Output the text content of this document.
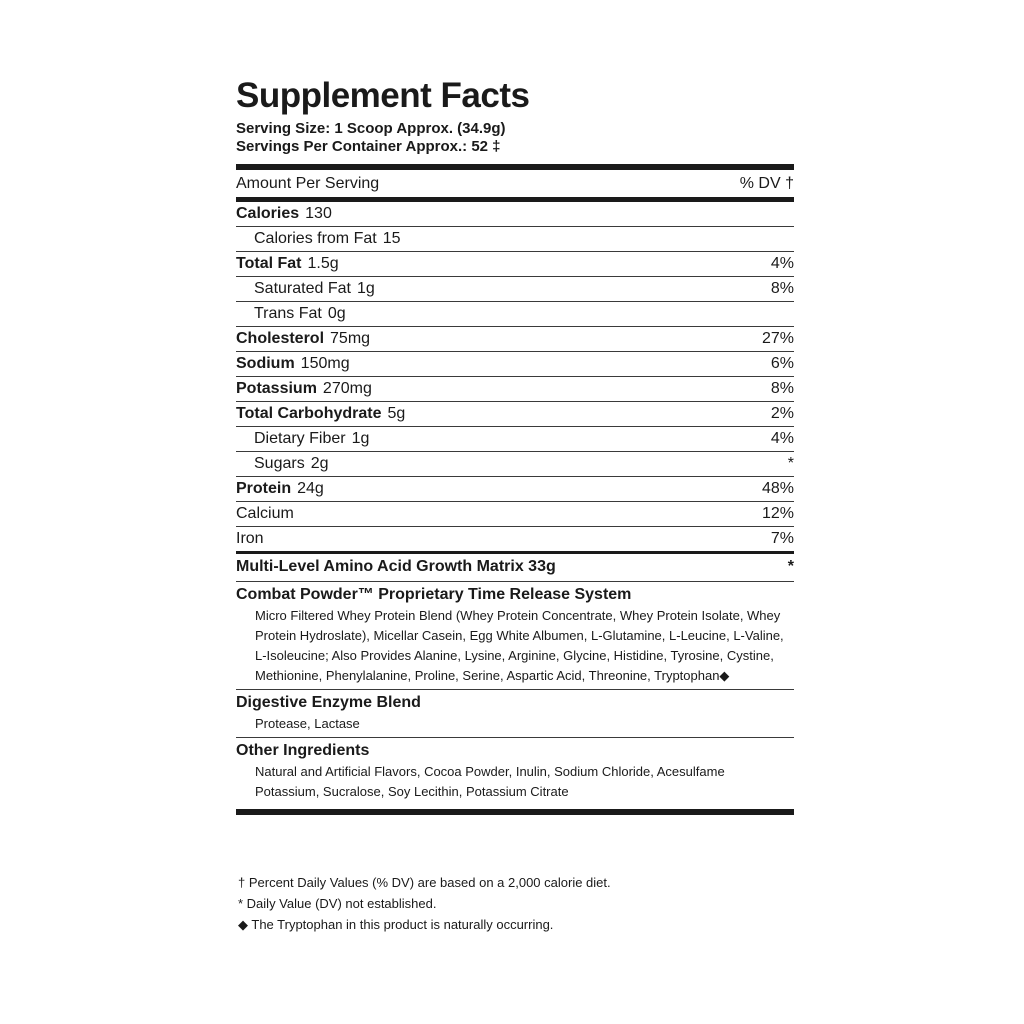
Supplement Facts
Serving Size: 1 Scoop Approx. (34.9g)
Servings Per Container Approx.: 52 ‡
Amount Per Serving	% DV †
Calories 130
Calories from Fat 15
Total Fat 1.5g	4%
Saturated Fat 1g	8%
Trans Fat 0g
Cholesterol 75mg	27%
Sodium 150mg	6%
Potassium 270mg	8%
Total Carbohydrate 5g	2%
Dietary Fiber 1g	4%
Sugars 2g	*
Protein 24g	48%
Calcium	12%
Iron	7%
Multi-Level Amino Acid Growth Matrix 33g	*
Combat Powder™ Proprietary Time Release System
Micro Filtered Whey Protein Blend (Whey Protein Concentrate, Whey Protein Isolate, Whey Protein Hydroslate), Micellar Casein, Egg White Albumen, L-Glutamine, L-Leucine, L-Valine, L-Isoleucine; Also Provides Alanine, Lysine, Arginine, Glycine, Histidine, Tyrosine, Cystine, Methionine, Phenylalanine, Proline, Serine, Aspartic Acid, Threonine, Tryptophan◆
Digestive Enzyme Blend
Protease, Lactase
Other Ingredients
Natural and Artificial Flavors, Cocoa Powder, Inulin, Sodium Chloride, Acesulfame Potassium, Sucralose, Soy Lecithin, Potassium Citrate
† Percent Daily Values (% DV) are based on a 2,000 calorie diet.
* Daily Value (DV) not established.
◆ The Tryptophan in this product is naturally occurring.
